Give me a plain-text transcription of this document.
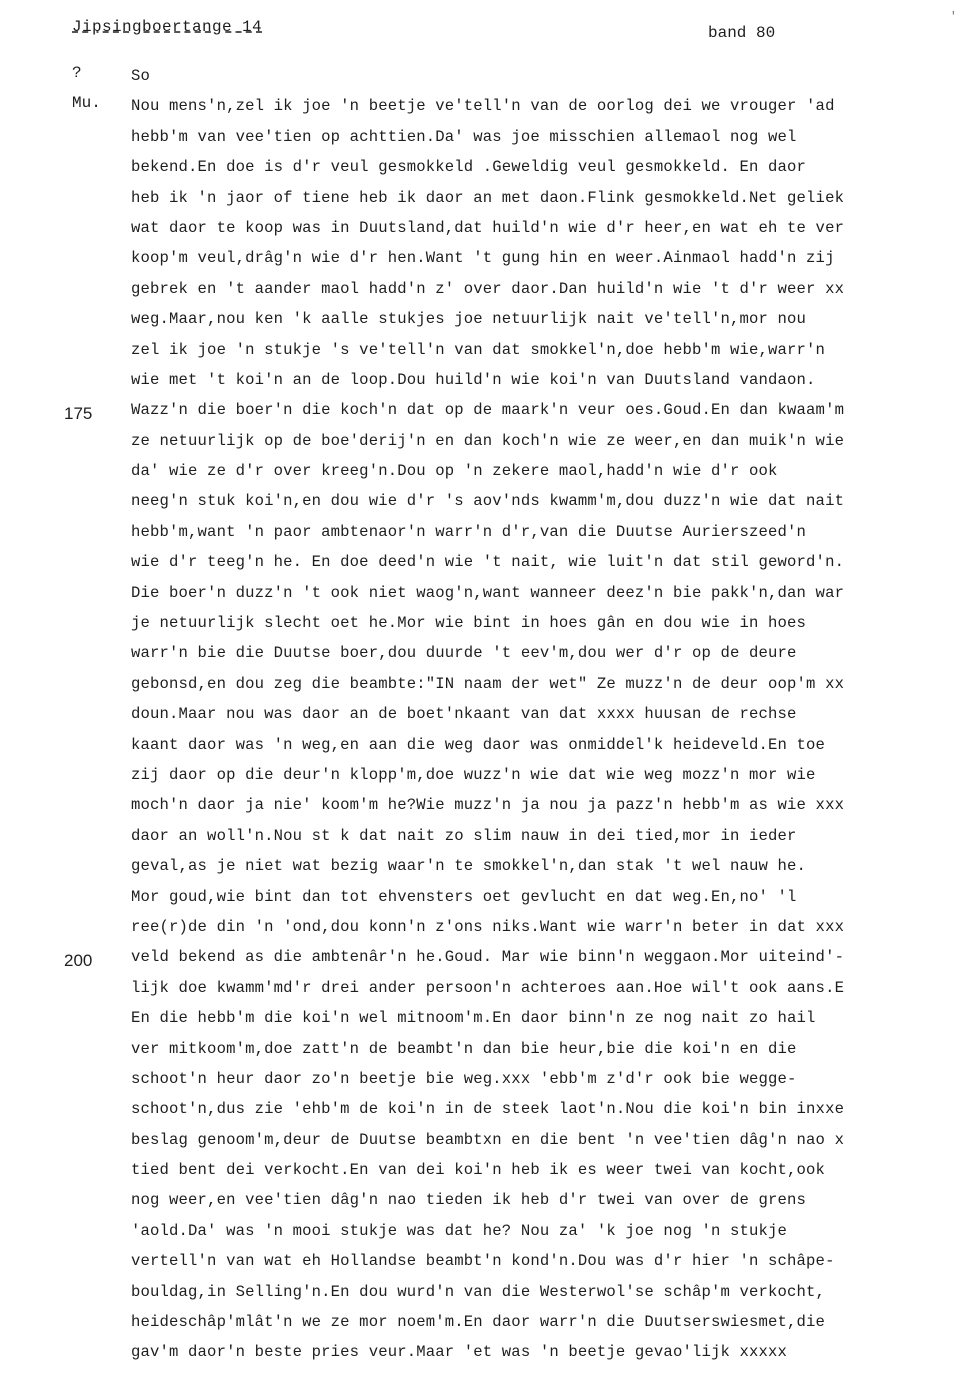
Jipsingboertange 14	band 80
'
?
Mu.
175
200
So
Nou mens'n,zel ik joe 'n beetje ve'tell'n van de oorlog dei we vrouger 'ad
hebb'm van vee'tien op achttien.Da' was joe misschien allemaol nog wel
bekend.En doe is d'r veul gesmokkeld .Geweldig veul gesmokkeld. En daor
heb ik 'n jaor of tiene heb ik daor an met daon.Flink gesmokkeld.Net geliek
wat daor te koop was in Duutsland,dat huild'n wie d'r heer,en wat eh te ver
koop'm veul,drâg'n wie d'r hen.Want 't gung hin en weer.Ainmaol hadd'n zij
gebrek en 't aander maol hadd'n z' over daor.Dan huild'n wie 't d'r weer xx
weg.Maar,nou ken 'k aalle stukjes joe netuurlijk nait ve'tell'n,mor nou
zel ik joe 'n stukje 's ve'tell'n van dat smokkel'n,doe hebb'm wie,warr'n
wie met 't koi'n an de loop.Dou huild'n wie koi'n van Duutsland vandaon.
Wazz'n die boer'n die koch'n dat op de maark'n veur oes.Goud.En dan kwaam'm
ze netuurlijk op de boe'derij'n en dan koch'n wie ze weer,en dan muik'n wie
da' wie ze d'r over kreeg'n.Dou op 'n zekere maol,hadd'n wie d'r ook
neeg'n stuk koi'n,en dou wie d'r 's aov'nds kwamm'm,dou duzz'n wie dat nait
hebb'm,want 'n paor ambtenaor'n warr'n d'r,van die Duutse Aurierszeed'n
wie d'r teeg'n he. En doe deed'n wie 't nait, wie luit'n dat stil geword'n.
Die boer'n duzz'n 't ook niet waog'n,want wanneer deez'n bie pakk'n,dan war
je netuurlijk slecht oet he.Mor wie bint in hoes gân en dou wie in hoes
warr'n bie die Duutse boer,dou duurde 't eev'm,dou wer d'r op de deure
gebonsd,en dou zeg die beambte:"IN naam der wet" Ze muzz'n de deur oop'm xx
doun.Maar nou was daor an de boet'nkaant van dat xxxx huusan de rechse
kaant daor was 'n weg,en aan die weg daor was onmiddel'k heideveld.En toe
zij daor op die deur'n klopp'm,doe wuzz'n wie dat wie weg mozz'n mor wie
moch'n daor ja nie' koom'm he?Wie muzz'n ja nou ja pazz'n hebb'm as wie xxx
daor an woll'n.Nou st k dat nait zo slim nauw in dei tied,mor in ieder
geval,as je niet wat bezig waar'n te smokkel'n,dan stak 't wel nauw he.
Mor goud,wie bint dan tot ehvensters oet gevlucht en dat weg.En,no' 'l
ree(r)de din 'n 'ond,dou konn'n z'ons niks.Want wie warr'n beter in dat xxx
veld bekend as die ambtenâr'n he.Goud. Mar wie binn'n weggaon.Mor uiteind'-
lijk doe kwamm'md'r drei ander persoon'n achteroes aan.Hoe wil't ook aans.E
En die hebb'm die koi'n wel mitnoom'm.En daor binn'n ze nog nait zo hail
ver mitkoom'm,doe zatt'n de beambt'n dan bie heur,bie die koi'n en die
schoot'n heur daor zo'n beetje bie weg.xxx 'ebb'm z'd'r ook bie wegge-
schoot'n,dus zie 'ehb'm de koi'n in de steek laot'n.Nou die koi'n bin inxxe
beslag genoom'm,deur de Duutse beambtxn en die bent 'n vee'tien dâg'n nao x
tied bent dei verkocht.En van dei koi'n heb ik es weer twei van kocht,ook
nog weer,en vee'tien dâg'n nao tieden ik heb d'r twei van over de grens
'aold.Da' was 'n mooi stukje was dat he? Nou za' 'k joe nog 'n stukje
vertell'n van wat eh Hollandse beambt'n kond'n.Dou was d'r hier 'n schâpe-
bouldag,in Selling'n.En dou wurd'n van die Westerwol'se schâp'm verkocht,
heideschâp'mlât'n we ze mor noem'm.En daor warr'n die Duutserswiesmet,die
gav'm daor'n beste pries veur.Maar 'et was 'n beetje gevao'lijk xxxxx
